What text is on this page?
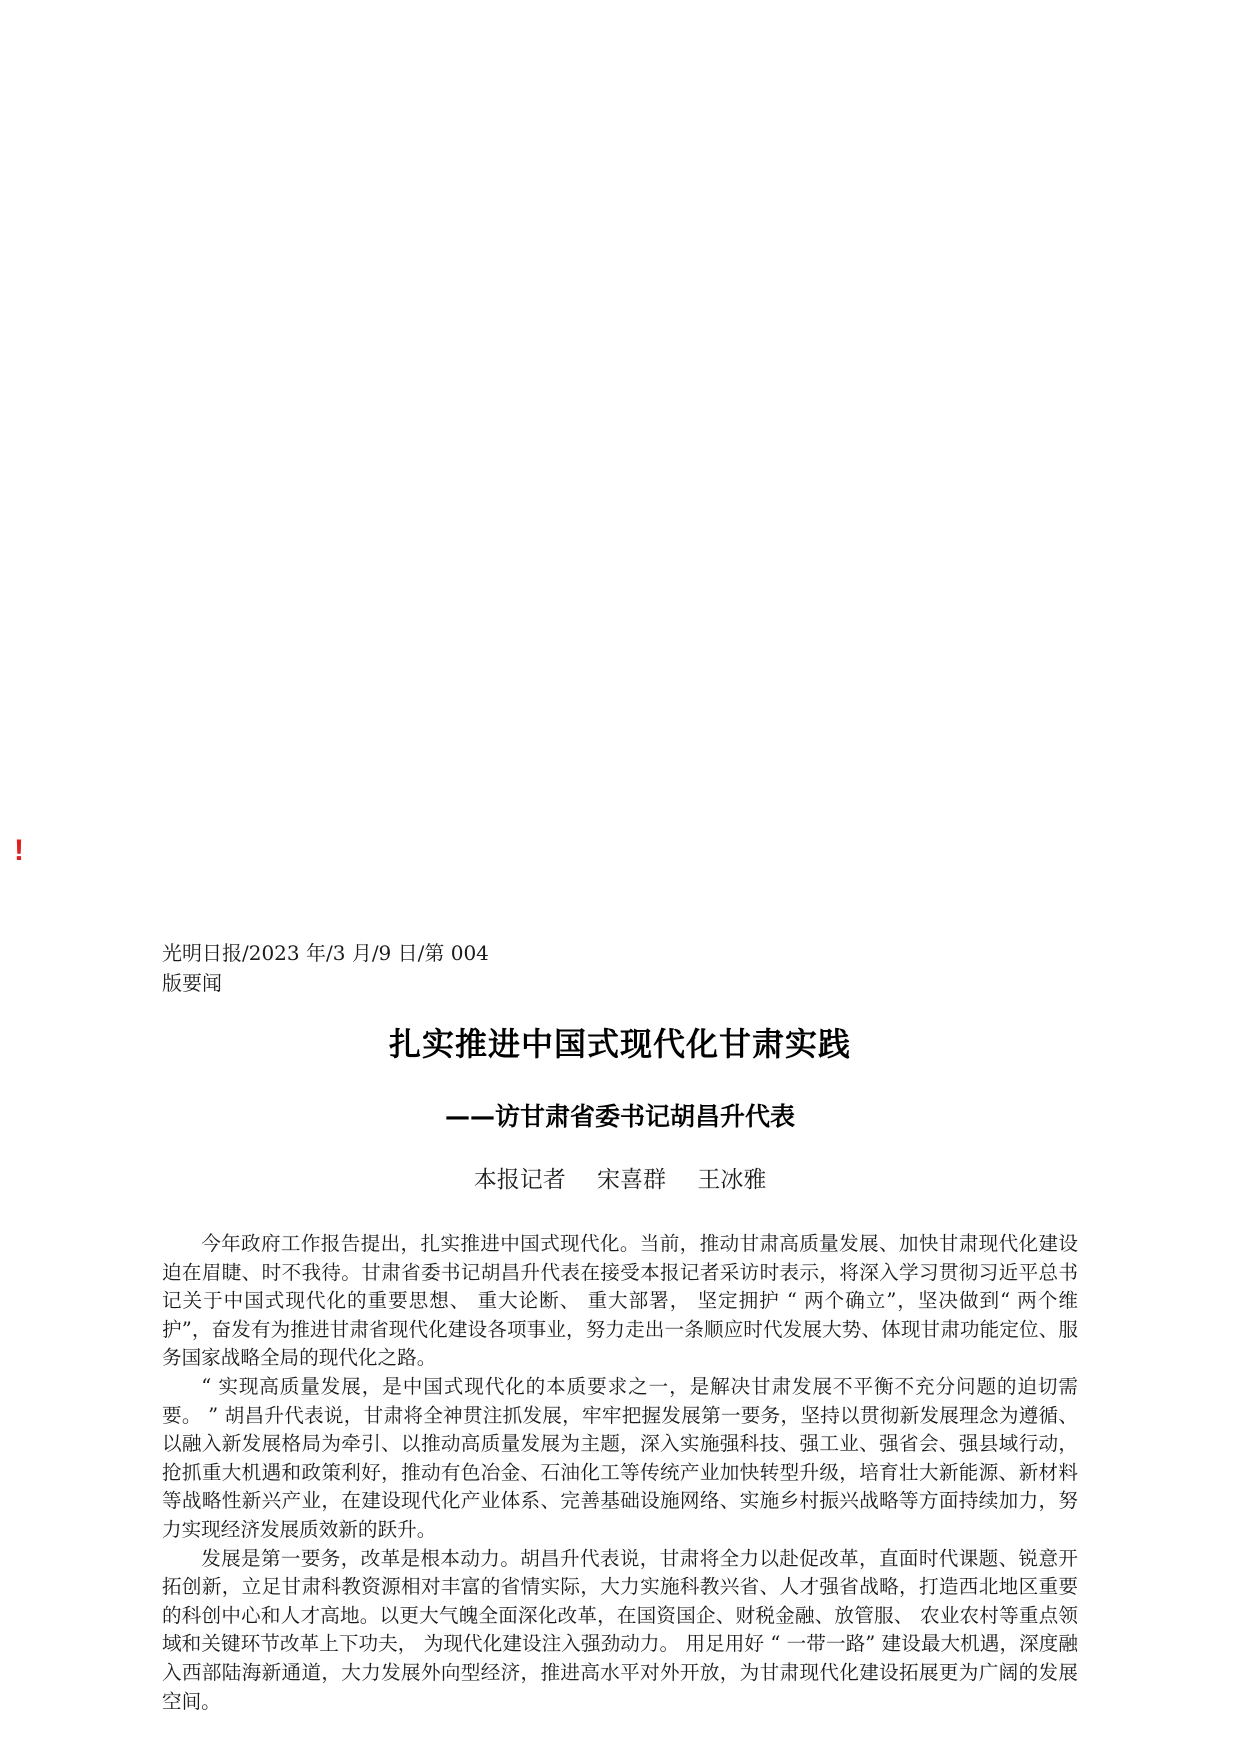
!
光明日报/2023 年/3 月/9 日/第 004
版要闻
扎实推进中国式现代化甘肃实践
——访甘肃省委书记胡昌升代表
本报记者 宋喜群 王冰雅

今年政府工作报告提出，扎实推进中国式现代化。当前，推动甘肃高质量发展、加快甘肃现代化建设迫在眉睫、时不我待。甘肃省委书记胡昌升代表在接受本报记者采访时表示，将深入学习贯彻习近平总书记关于中国式现代化的重要思想、 重大论断、 重大部署， 坚定拥护 “ 两个确立”，坚决做到“ 两个维护”，奋发有为推进甘肃省现代化建设各项事业，努力走出一条顺应时代发展大势、体现甘肃功能定位、服务国家战略全局的现代化之路。

“ 实现高质量发展，是中国式现代化的本质要求之一，是解决甘肃发展不平衡不充分问题的迫切需要。 ” 胡昌升代表说，甘肃将全神贯注抓发展，牢牢把握发展第一要务，坚持以贯彻新发展理念为遵循、以融入新发展格局为牵引、以推动高质量发展为主题，深入实施强科技、强工业、强省会、强县域行动，抢抓重大机遇和政策利好，推动有色冶金、石油化工等传统产业加快转型升级，培育壮大新能源、新材料等战略性新兴产业，在建设现代化产业体系、完善基础设施网络、实施乡村振兴战略等方面持续加力，努力实现经济发展质效新的跃升。

发展是第一要务，改革是根本动力。胡昌升代表说，甘肃将全力以赴促改革，直面时代课题、锐意开拓创新，立足甘肃科教资源相对丰富的省情实际，大力实施科教兴省、人才强省战略，打造西北地区重要的科创中心和人才高地。以更大气魄全面深化改革，在国资国企、财税金融、放管服、 农业农村等重点领域和关键环节改革上下功夫， 为现代化建设注入强劲动力。 用足用好 “ 一带一路” 建设最大机遇，深度融入西部陆海新通道，大力发展外向型经济，推进高水平对外开放，为甘肃现代化建设拓展更为广阔的发展空间。
